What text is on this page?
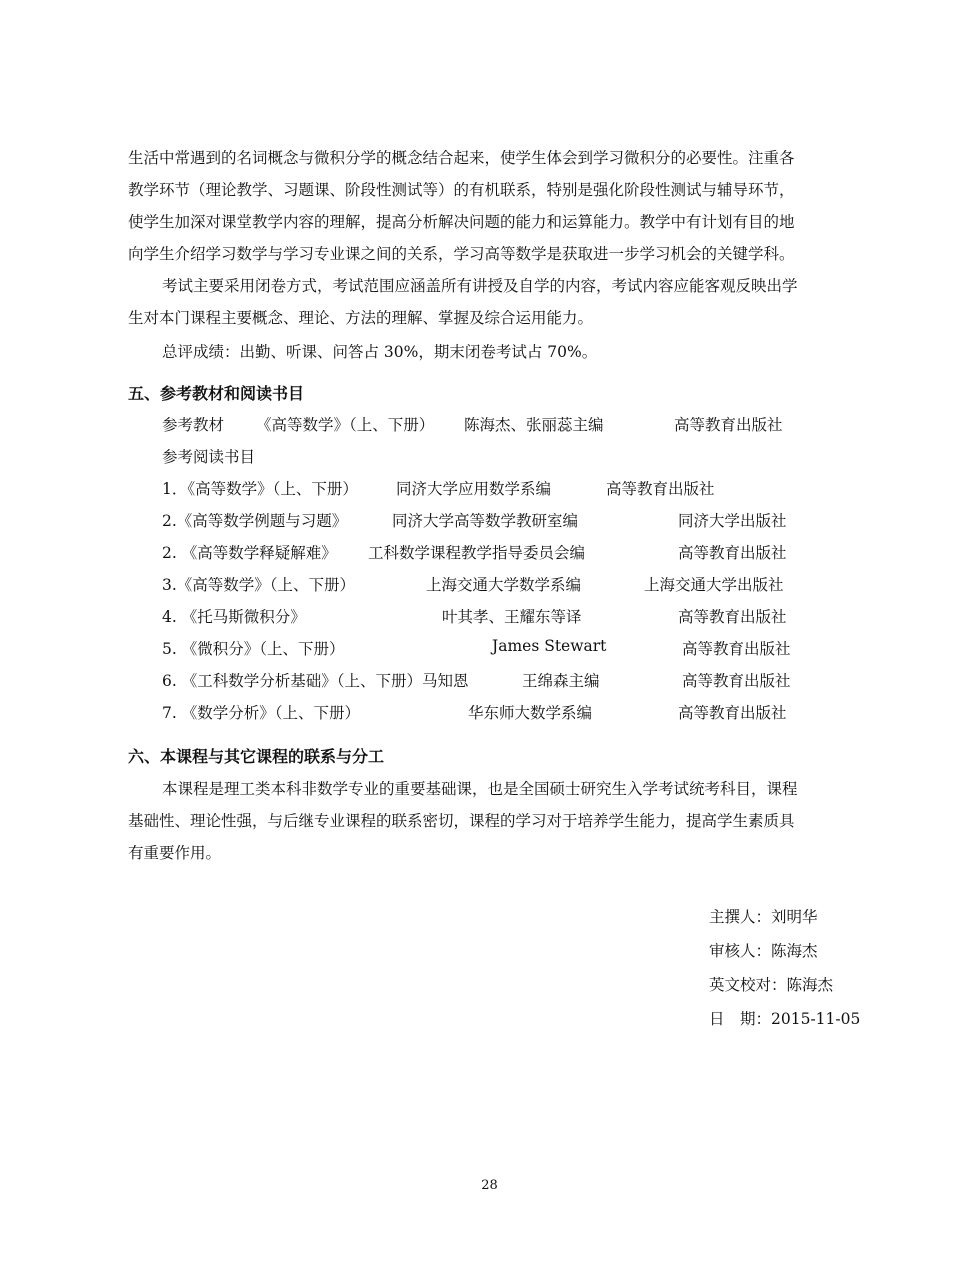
生活中常遇到的名词概念与微积分学的概念结合起来，使学生体会到学习微积分的必要性。注重各
教学环节（理论教学、习题课、阶段性测试等）的有机联系，特别是强化阶段性测试与辅导环节，
使学生加深对课堂教学内容的理解，提高分析解决问题的能力和运算能力。教学中有计划有目的地
向学生介绍学习数学与学习专业课之间的关系，学习高等数学是获取进一步学习机会的关键学科。
考试主要采用闭卷方式，考试范围应涵盖所有讲授及自学的内容，考试内容应能客观反映出学
生对本门课程主要概念、理论、方法的理解、掌握及综合运用能力。
总评成绩：出勤、听课、问答占 30%，期末闭卷考试占 70%。
五、参考教材和阅读书目
参考教材 《高等数学》（上、下册） 陈海杰、张丽蕊主编	高等教育出版社
参考阅读书目
1．《高等数学》（上、下册） 同济大学应用数学系编	高等教育出版社
2.《高等数学例题与习题》	同济大学高等数学教研室编	同济大学出版社
2. 《高等数学释疑解难》 工科数学课程教学指导委员会编	高等教育出版社
3.《高等数学》（上、下册）	上海交通大学数学系编	上海交通大学出版社
4. 《托马斯微积分》	叶其孝、王耀东等译	高等教育出版社
5. 《微积分》（上、下册）	James Stewart	高等教育出版社
6. 《工科数学分析基础》（上、下册）马知恩	王绵森主编	高等教育出版社
7. 《数学分析》（上、下册）	华东师大数学系编	高等教育出版社
六、本课程与其它课程的联系与分工
本课程是理工类本科非数学专业的重要基础课，也是全国硕士研究生入学考试统考科目，课程
基础性、理论性强，与后继专业课程的联系密切，课程的学习对于培养学生能力，提高学生素质具
有重要作用。
主撰人：刘明华
审核人：陈海杰
英文校对：陈海杰
日　期：2015-11-05
28
